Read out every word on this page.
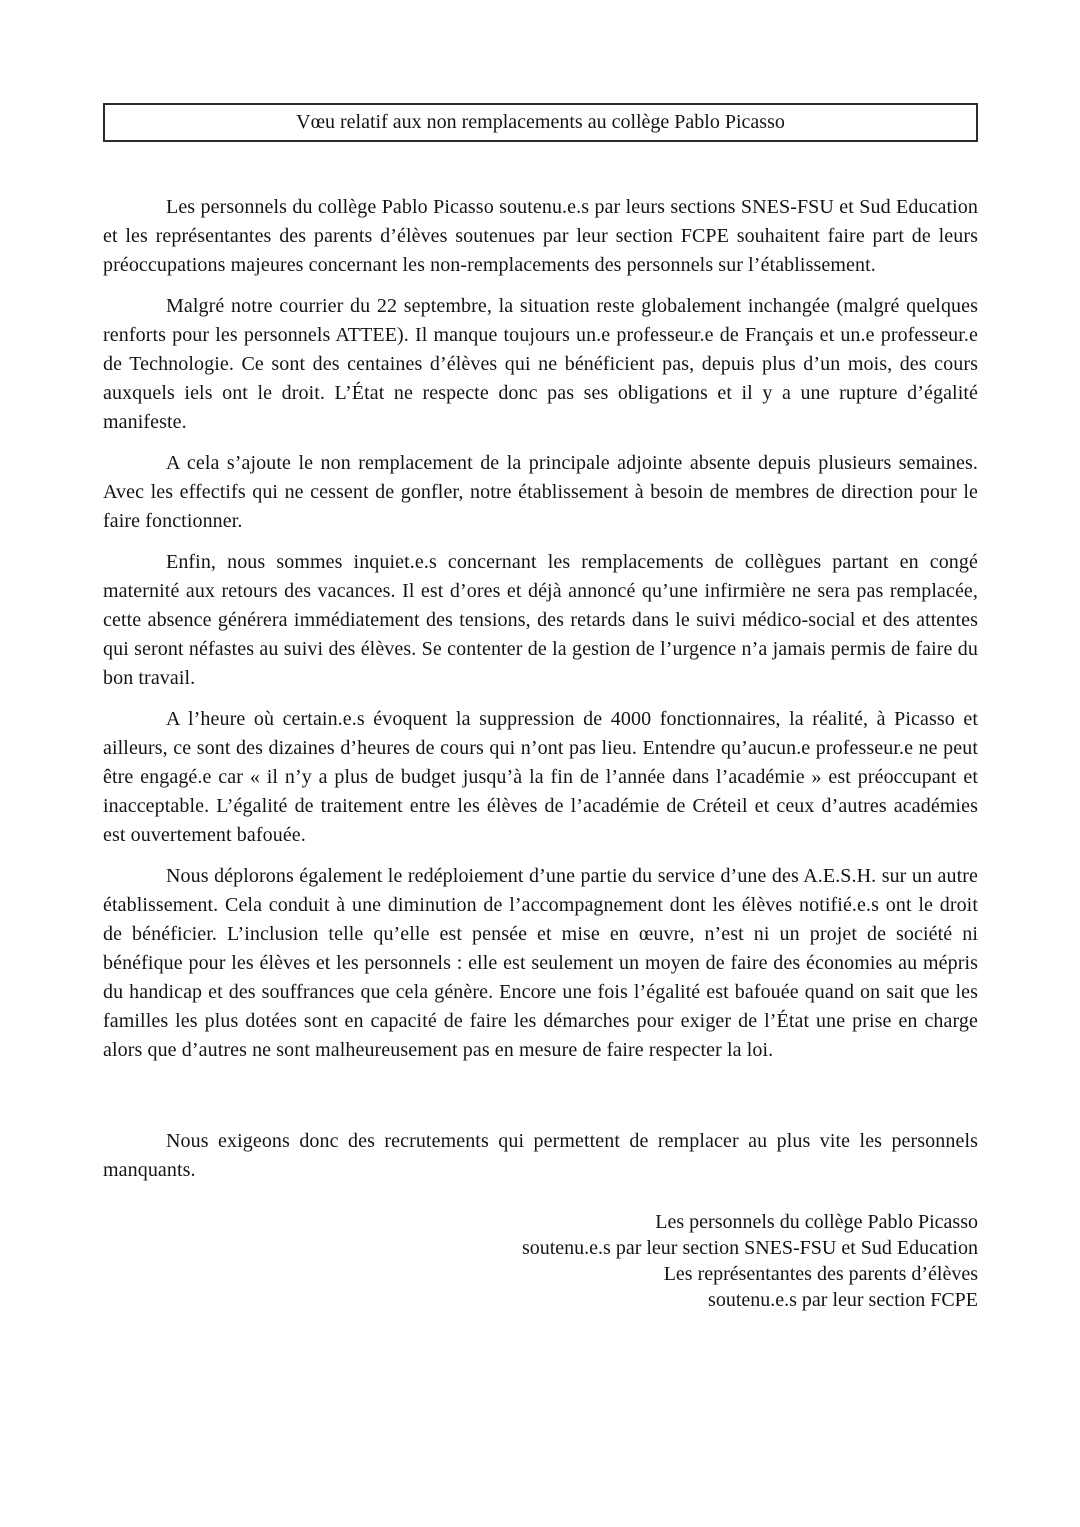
Vœu relatif aux non remplacements au collège Pablo Picasso

Les personnels du collège Pablo Picasso soutenu.e.s par leurs sections SNES-FSU et Sud Education et les représentantes des parents d’élèves soutenues par leur section FCPE souhaitent faire part de leurs préoccupations majeures concernant les non-remplacements des personnels sur l’établissement.

Malgré notre courrier du 22 septembre, la situation reste globalement inchangée (malgré quelques renforts pour les personnels ATTEE). Il manque toujours un.e professeur.e de Français et un.e professeur.e de Technologie. Ce sont des centaines d’élèves qui ne bénéficient pas, depuis plus d’un mois, des cours auxquels iels ont le droit. L’État ne respecte donc pas ses obligations et il y a une rupture d’égalité manifeste.

A cela s’ajoute le non remplacement de la principale adjointe absente depuis plusieurs semaines. Avec les effectifs qui ne cessent de gonfler, notre établissement à besoin de membres de direction pour le faire fonctionner.

Enfin, nous sommes inquiet.e.s concernant les remplacements de collègues partant en congé maternité aux retours des vacances. Il est d’ores et déjà annoncé qu’une infirmière ne sera pas remplacée, cette absence générera immédiatement des tensions, des retards dans le suivi médico-social et des attentes qui seront néfastes au suivi des élèves. Se contenter de la gestion de l’urgence n’a jamais permis de faire du bon travail.

A l’heure où certain.e.s évoquent la suppression de 4000 fonctionnaires, la réalité, à Picasso et ailleurs, ce sont des dizaines d’heures de cours qui n’ont pas lieu. Entendre qu’aucun.e professeur.e ne peut être engagé.e car « il n’y a plus de budget jusqu’à la fin de l’année dans l’académie » est préoccupant et inacceptable. L’égalité de traitement entre les élèves de l’académie de Créteil et ceux d’autres académies est ouvertement bafouée.

Nous déplorons également le redéploiement d’une partie du service d’une des A.E.S.H. sur un autre établissement. Cela conduit à une diminution de l’accompagnement dont les élèves notifié.e.s ont le droit de bénéficier. L’inclusion telle qu’elle est pensée et mise en œuvre, n’est ni un projet de société ni bénéfique pour les élèves et les personnels : elle est seulement un moyen de faire des économies au mépris du handicap et des souffrances que cela génère. Encore une fois l’égalité est bafouée quand on sait que les familles les plus dotées sont en capacité de faire les démarches pour exiger de l’État une prise en charge alors que d’autres ne sont malheureusement pas en mesure de faire respecter la loi.

Nous exigeons donc des recrutements qui permettent de remplacer au plus vite les personnels manquants.

Les personnels du collège Pablo Picasso
soutenu.e.s par leur section SNES-FSU et Sud Education
Les représentantes des parents d’élèves
soutenu.e.s par leur section FCPE
